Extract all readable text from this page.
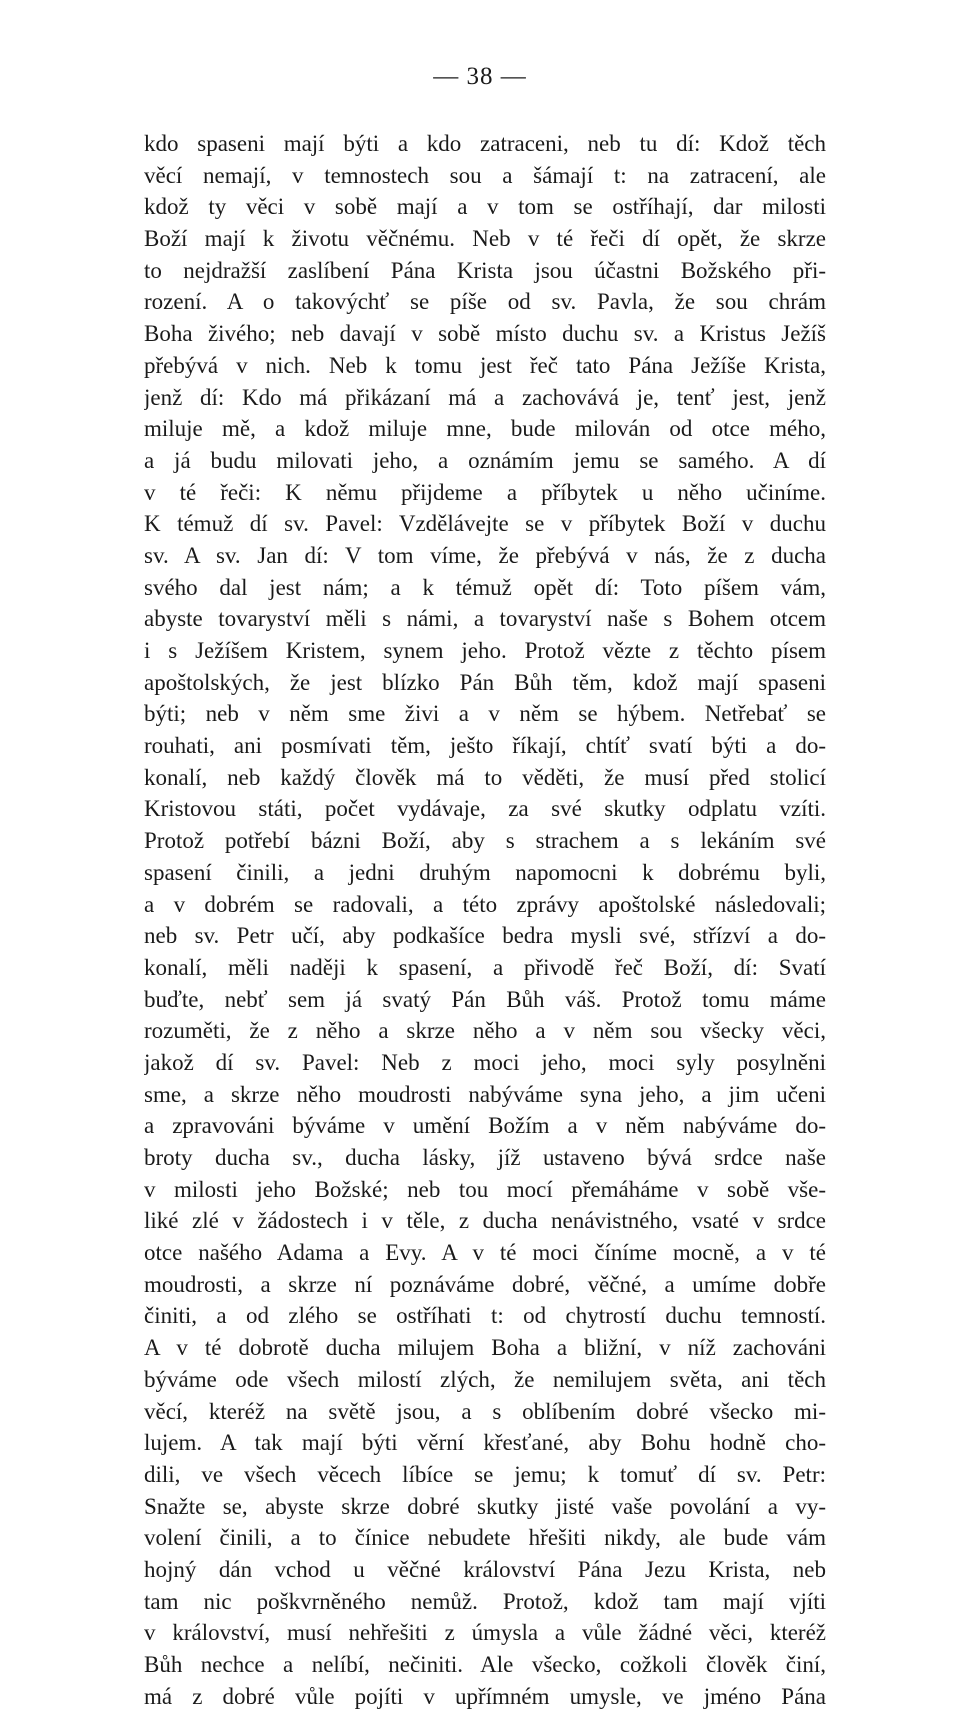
— 38 —
kdo spaseni mají býti a kdo zatraceni, neb tu dí: Kdož těch
věcí nemají, v temnostech sou a šámají t: na zatracení, ale
kdož ty věci v sobě mají a v tom se ostříhají, dar milosti
Boží mají k životu věčnému. Neb v té řeči dí opět, že skrze
to nejdražší zaslíbení Pána Krista jsou účastni Božského při-
rození. A o takovýchť se píše od sv. Pavla, že sou chrám
Boha živého; neb davají v sobě místo duchu sv. a Kristus Ježíš
přebývá v nich. Neb k tomu jest řeč tato Pána Ježíše Krista,
jenž dí: Kdo má přikázaní má a zachovává je, tenť jest, jenž
miluje mě, a kdož miluje mne, bude milován od otce mého,
a já budu milovati jeho, a oznámím jemu se samého. A dí
v té řeči: K němu přijdeme a příbytek u něho učiníme.
K témuž dí sv. Pavel: Vzdělávejte se v příbytek Boží v duchu
sv. A sv. Jan dí: V tom víme, že přebývá v nás, že z ducha
svého dal jest nám; a k témuž opět dí: Toto píšem vám,
abyste tovaryství měli s námi, a tovaryství naše s Bohem otcem
i s Ježíšem Kristem, synem jeho. Protož vězte z těchto písem
apoštolských, že jest blízko Pán Bůh těm, kdož mají spaseni
býti; neb v něm sme živi a v něm se hýbem. Netřebať se
rouhati, ani posmívati těm, ješto říkají, chtíť svatí býti a do-
konalí, neb každý člověk má to věděti, že musí před stolicí
Kristovou státi, počet vydávaje, za své skutky odplatu vzíti.
Protož potřebí bázni Boží, aby s strachem a s lekáním své
spasení činili, a jedni druhým napomocni k dobrému byli,
a v dobrém se radovali, a této zprávy apoštolské následovali;
neb sv. Petr učí, aby podkašíce bedra mysli své, střízví a do-
konalí, měli naději k spasení, a přivodě řeč Boží, dí: Svatí
buďte, nebť sem já svatý Pán Bůh váš. Protož tomu máme
rozuměti, že z něho a skrze něho a v něm sou všecky věci,
jakož dí sv. Pavel: Neb z moci jeho, moci syly posylněni
sme, a skrze něho moudrosti nabýváme syna jeho, a jim učeni
a zpravováni býváme v umění Božím a v něm nabýváme do-
broty ducha sv., ducha lásky, jíž ustaveno bývá srdce naše
v milosti jeho Božské; neb tou mocí přemáháme v sobě vše-
liké zlé v žádostech i v těle, z ducha nenávistného, vsaté v srdce
otce našého Adama a Evy. A v té moci číníme mocně, a v té
moudrosti, a skrze ní poznáváme dobré, věčné, a umíme dobře
činiti, a od zlého se ostříhati t: od chytrostí duchu temností.
A v té dobrotě ducha milujem Boha a bližní, v níž zachováni
býváme ode všech milostí zlých, že nemilujem světa, ani těch
věcí, kteréž na světě jsou, a s oblíbením dobré všecko mi-
lujem. A tak mají býti věrní křesťané, aby Bohu hodně cho-
dili, ve všech věcech líbíce se jemu; k tomuť dí sv. Petr:
Snažte se, abyste skrze dobré skutky jisté vaše povolání a vy-
volení činili, a to čínice nebudete hřešiti nikdy, ale bude vám
hojný dán vchod u věčné království Pána Jezu Krista, neb
tam nic poškvrněného nemůž. Protož, kdož tam mají vjíti
v království, musí nehřešiti z úmysla a vůle žádné věci, kteréž
Bůh nechce a nelíbí, nečiniti. Ale všecko, cožkoli člověk činí,
má z dobré vůle pojíti v upřímném umysle, ve jméno Pána
